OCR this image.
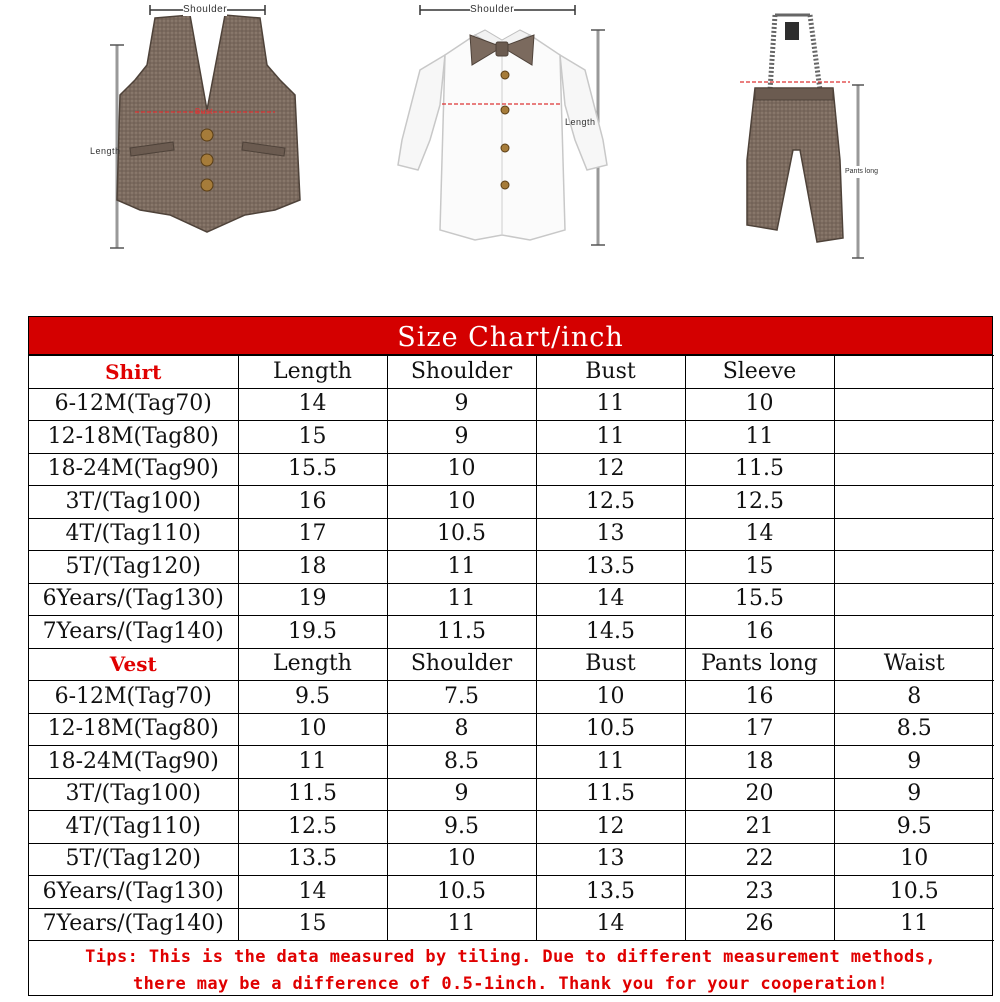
Shoulder
Length
Bust
Shoulder
Length
Pants long
Size Chart/inch
Shirt	Length	Shoulder	Bust	Sleeve	
6-12M(Tag70)	14	9	11	10	
12-18M(Tag80)	15	9	11	11	
18-24M(Tag90)	15.5	10	12	11.5	
3T/(Tag100)	16	10	12.5	12.5	
4T/(Tag110)	17	10.5	13	14	
5T/(Tag120)	18	11	13.5	15	
6Years/(Tag130)	19	11	14	15.5	
7Years/(Tag140)	19.5	11.5	14.5	16	
Vest	Length	Shoulder	Bust	Pants long	Waist
6-12M(Tag70)	9.5	7.5	10	16	8
12-18M(Tag80)	10	8	10.5	17	8.5
18-24M(Tag90)	11	8.5	11	18	9
3T/(Tag100)	11.5	9	11.5	20	9
4T/(Tag110)	12.5	9.5	12	21	9.5
5T/(Tag120)	13.5	10	13	22	10
6Years/(Tag130)	14	10.5	13.5	23	10.5
7Years/(Tag140)	15	11	14	26	11
Tips: This is the data measured by tiling. Due to different measurement methods,
there may be a difference of 0.5-1inch. Thank you for your cooperation!
